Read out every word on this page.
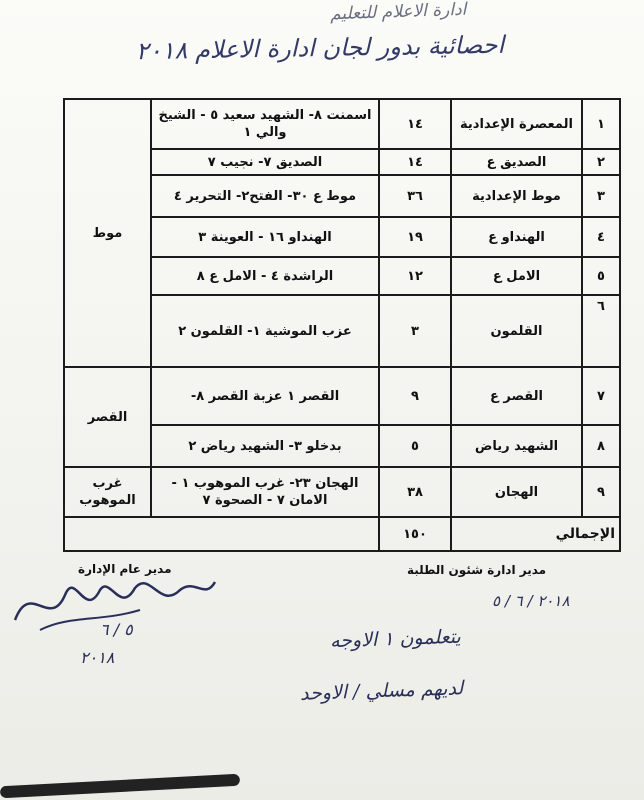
ادارة الاعلام للتعليم
احصائية بدور لجان ادارة الاعلام ٢٠١٨
١	المعصرة الإعدادية	١٤	اسمنت ٨- الشهيد سعيد ٥ - الشيخ والي ١	موط
٢	الصديق ع	١٤	الصديق ٧- نجيب ٧	
٣	موط الإعدادية	٣٦	موط ع ٣٠- الفتح٢- التحرير ٤	
٤	الهنداو ع	١٩	الهنداو ١٦ - العوينة ٣	
٥	الامل ع	١٢	الراشدة ٤ - الامل ع ٨	
٦	القلمون	٣	عزب الموشية ١- القلمون ٢	
٧	القصر ع	٩	القصر ١ عزبة القصر ٨-	القصر
٨	الشهيد رياض	٥	بدخلو ٣- الشهيد رياض ٢	
٩	الهجان	٣٨	الهجان ٢٣- غرب الموهوب ١ - الامان ٧ - الصحوة ٧	غرب الموهوب
الإجمالي		١٥٠		
مدير ادارة شئون الطلبة
٢٠١٨ / ٦ / ٥
مدير عام الإدارة
٥ / ٦
٢٠١٨
يتعلمون ١ الاوجه
لديهم مسلي / الاوحد
